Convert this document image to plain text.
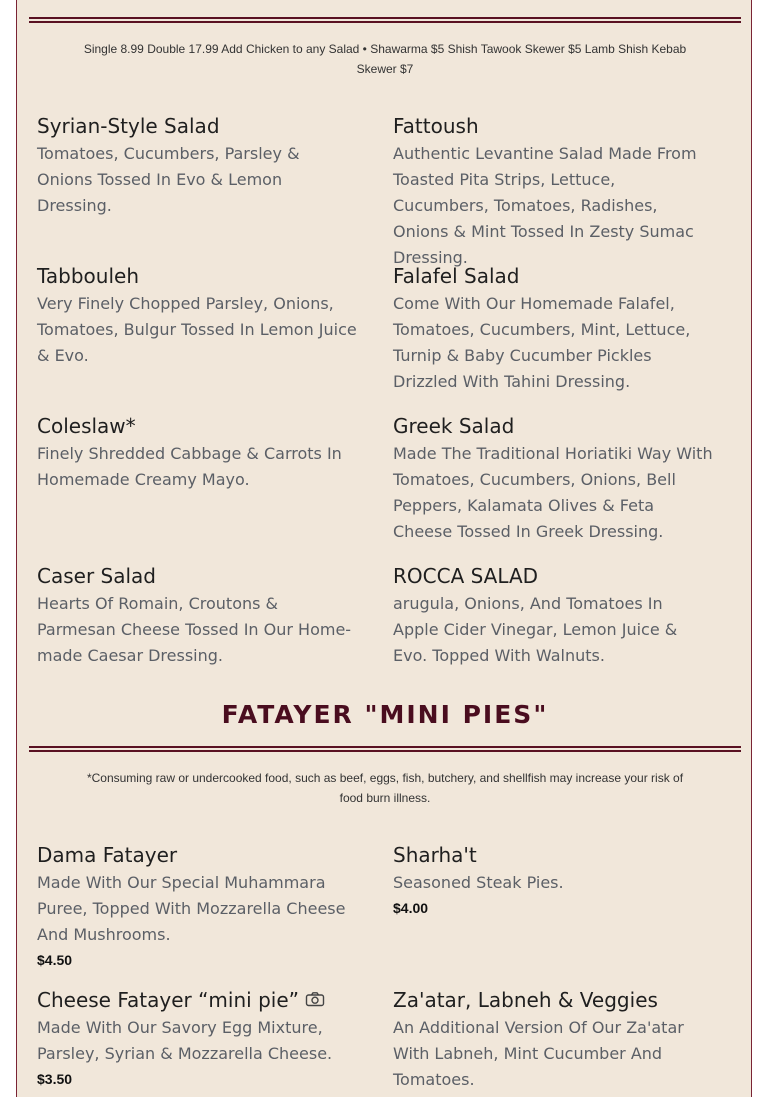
Single 8.99 Double 17.99 Add Chicken to any Salad • Shawarma $5 Shish Tawook Skewer $5 Lamb Shish Kebab Skewer $7
Syrian-Style Salad
Tomatoes, Cucumbers, Parsley & Onions Tossed In Evo & Lemon Dressing.
Fattoush
Authentic Levantine Salad Made From Toasted Pita Strips, Lettuce, Cucumbers, Tomatoes, Radishes, Onions & Mint Tossed In Zesty Sumac Dressing.
Tabbouleh
Very Finely Chopped Parsley, Onions, Tomatoes, Bulgur Tossed In Lemon Juice & Evo.
Falafel Salad
Come With Our Homemade Falafel, Tomatoes, Cucumbers, Mint, Lettuce, Turnip & Baby Cucumber Pickles Drizzled With Tahini Dressing.
Coleslaw*
Finely Shredded Cabbage & Carrots In Homemade Creamy Mayo.
Greek Salad
Made The Traditional Horiatiki Way With Tomatoes, Cucumbers, Onions, Bell Peppers, Kalamata Olives & Feta Cheese Tossed In Greek Dressing.
Caser Salad
Hearts Of Romain, Croutons & Parmesan Cheese Tossed In Our Home-made Caesar Dressing.
ROCCA SALAD
arugula, Onions, And Tomatoes In Apple Cider Vinegar, Lemon Juice & Evo. Topped With Walnuts.
FATAYER "MINI PIES"
*Consuming raw or undercooked food, such as beef, eggs, fish, butchery, and shellfish may increase your risk of food burn illness.
Dama Fatayer
Made With Our Special Muhammara Puree, Topped With Mozzarella Cheese And Mushrooms.
$4.50
Sharha't
Seasoned Steak Pies.
$4.00
Cheese Fatayer “mini pie”
Made With Our Savory Egg Mixture, Parsley, Syrian & Mozzarella Cheese.
$3.50
Za'atar, Labneh & Veggies
An Additional Version Of Our Za'atar With Labneh, Mint Cucumber And Tomatoes.
